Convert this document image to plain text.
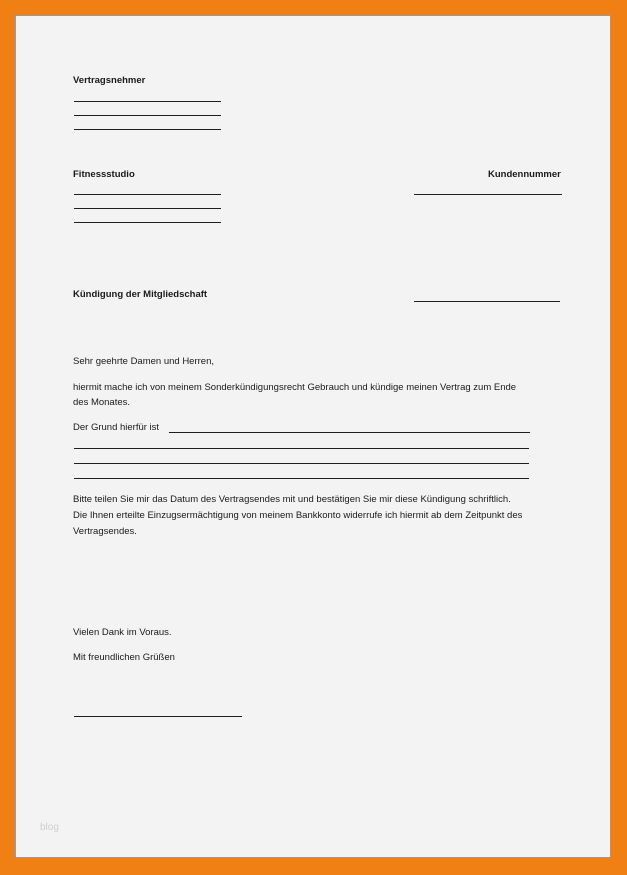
Vertragsnehmer
Fitnessstudio	Kundennummer
Kündigung der Mitgliedschaft
Sehr geehrte Damen und Herren,
hiermit mache ich von meinem Sonderkündigungsrecht Gebrauch und kündige meinen Vertrag zum Ende
des Monates.
Der Grund hierfür ist
Bitte teilen Sie mir das Datum des Vertragsendes mit und bestätigen Sie mir diese Kündigung schriftlich.
Die Ihnen erteilte Einzugsermächtigung von meinem Bankkonto widerrufe ich hiermit ab dem Zeitpunkt des
Vertragsendes.
Vielen Dank im Voraus.
Mit freundlichen Grüßen
blog
